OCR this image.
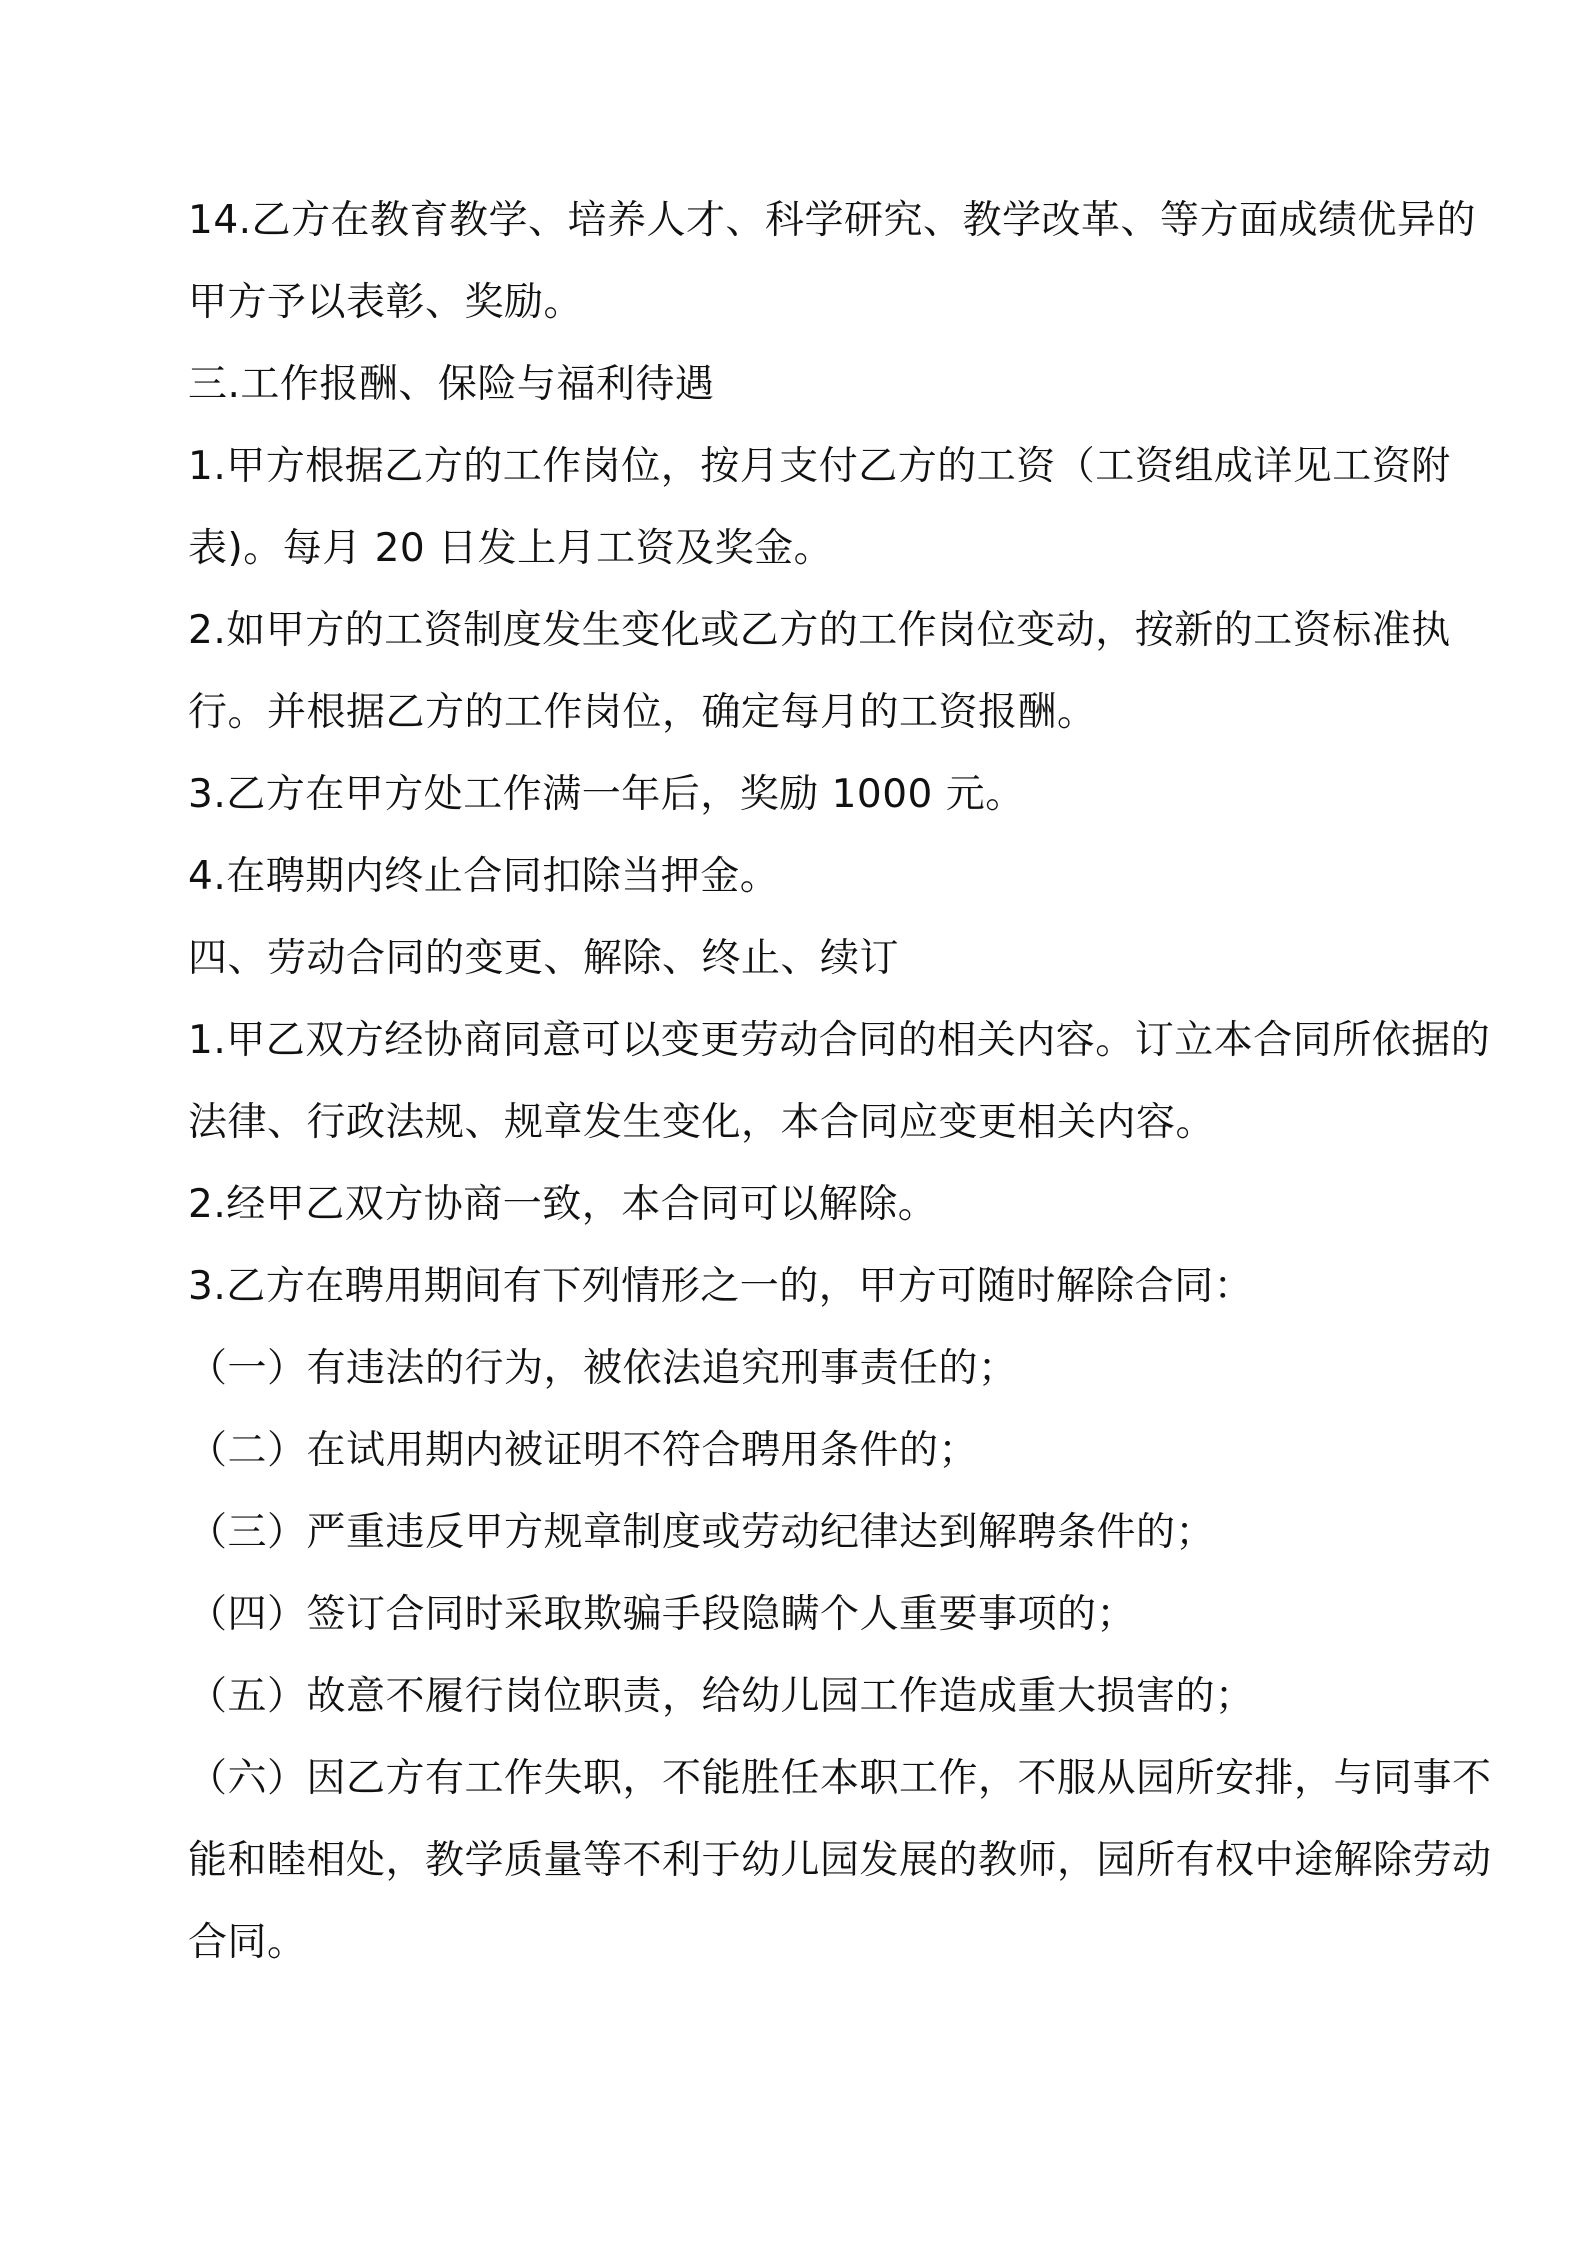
14.乙方在教育教学、培养人才、科学研究、教学改革、等方面成绩优异的
甲方予以表彰、奖励。
三.工作报酬、保险与福利待遇
1.甲方根据乙方的工作岗位，按月支付乙方的工资（工资组成详见工资附
表)。每月 20 日发上月工资及奖金。
2.如甲方的工资制度发生变化或乙方的工作岗位变动，按新的工资标准执
行。并根据乙方的工作岗位，确定每月的工资报酬。
3.乙方在甲方处工作满一年后，奖励 1000 元。
4.在聘期内终止合同扣除当押金。
四、劳动合同的变更、解除、终止、续订
1.甲乙双方经协商同意可以变更劳动合同的相关内容。订立本合同所依据的
法律、行政法规、规章发生变化，本合同应变更相关内容。
2.经甲乙双方协商一致，本合同可以解除。
3.乙方在聘用期间有下列情形之一的，甲方可随时解除合同：
（一）有违法的行为，被依法追究刑事责任的；
（二）在试用期内被证明不符合聘用条件的；
（三）严重违反甲方规章制度或劳动纪律达到解聘条件的；
（四）签订合同时采取欺骗手段隐瞒个人重要事项的；
（五）故意不履行岗位职责，给幼儿园工作造成重大损害的；
（六）因乙方有工作失职，不能胜任本职工作，不服从园所安排，与同事不
能和睦相处，教学质量等不利于幼儿园发展的教师，园所有权中途解除劳动
合同。
